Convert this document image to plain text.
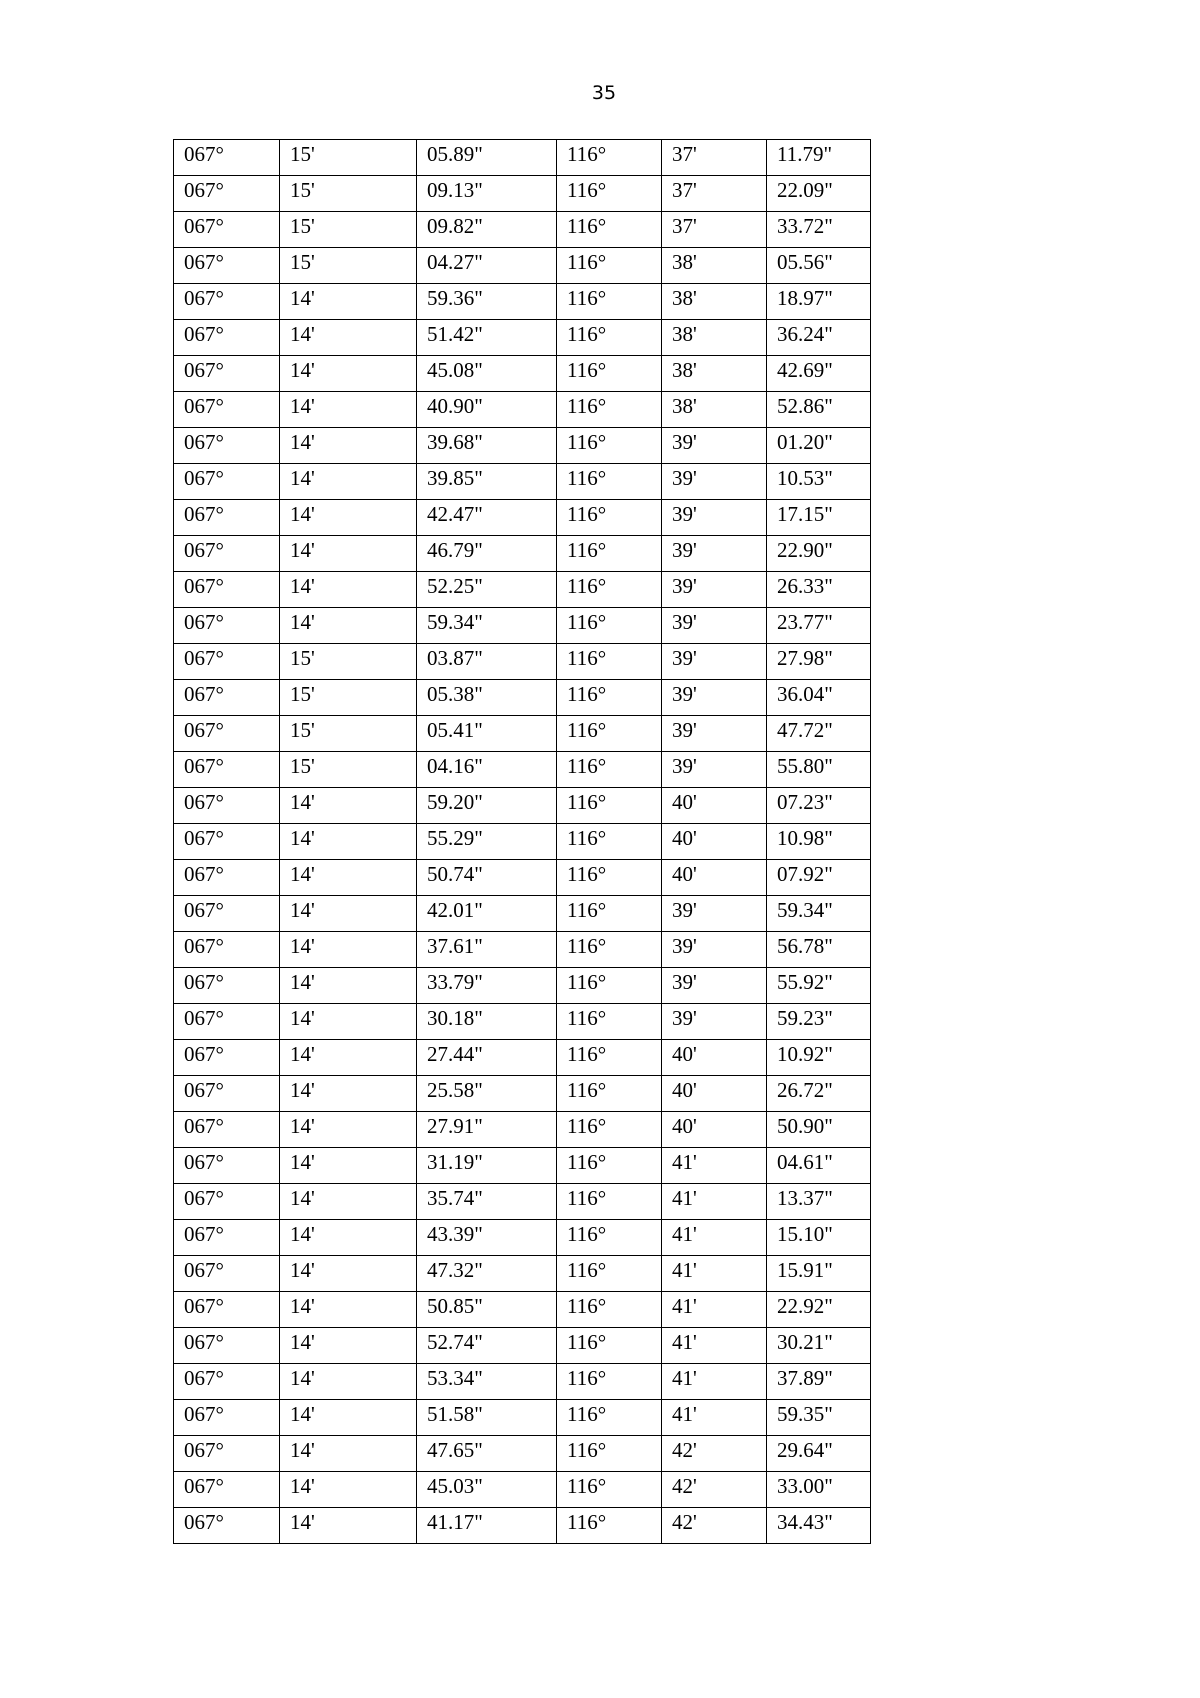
35
067°	15'	05.89"	116°	37'	11.79"
067°	15'	09.13"	116°	37'	22.09"
067°	15'	09.82"	116°	37'	33.72"
067°	15'	04.27"	116°	38'	05.56"
067°	14'	59.36"	116°	38'	18.97"
067°	14'	51.42"	116°	38'	36.24"
067°	14'	45.08"	116°	38'	42.69"
067°	14'	40.90"	116°	38'	52.86"
067°	14'	39.68"	116°	39'	01.20"
067°	14'	39.85"	116°	39'	10.53"
067°	14'	42.47"	116°	39'	17.15"
067°	14'	46.79"	116°	39'	22.90"
067°	14'	52.25"	116°	39'	26.33"
067°	14'	59.34"	116°	39'	23.77"
067°	15'	03.87"	116°	39'	27.98"
067°	15'	05.38"	116°	39'	36.04"
067°	15'	05.41"	116°	39'	47.72"
067°	15'	04.16"	116°	39'	55.80"
067°	14'	59.20"	116°	40'	07.23"
067°	14'	55.29"	116°	40'	10.98"
067°	14'	50.74"	116°	40'	07.92"
067°	14'	42.01"	116°	39'	59.34"
067°	14'	37.61"	116°	39'	56.78"
067°	14'	33.79"	116°	39'	55.92"
067°	14'	30.18"	116°	39'	59.23"
067°	14'	27.44"	116°	40'	10.92"
067°	14'	25.58"	116°	40'	26.72"
067°	14'	27.91"	116°	40'	50.90"
067°	14'	31.19"	116°	41'	04.61"
067°	14'	35.74"	116°	41'	13.37"
067°	14'	43.39"	116°	41'	15.10"
067°	14'	47.32"	116°	41'	15.91"
067°	14'	50.85"	116°	41'	22.92"
067°	14'	52.74"	116°	41'	30.21"
067°	14'	53.34"	116°	41'	37.89"
067°	14'	51.58"	116°	41'	59.35"
067°	14'	47.65"	116°	42'	29.64"
067°	14'	45.03"	116°	42'	33.00"
067°	14'	41.17"	116°	42'	34.43"
